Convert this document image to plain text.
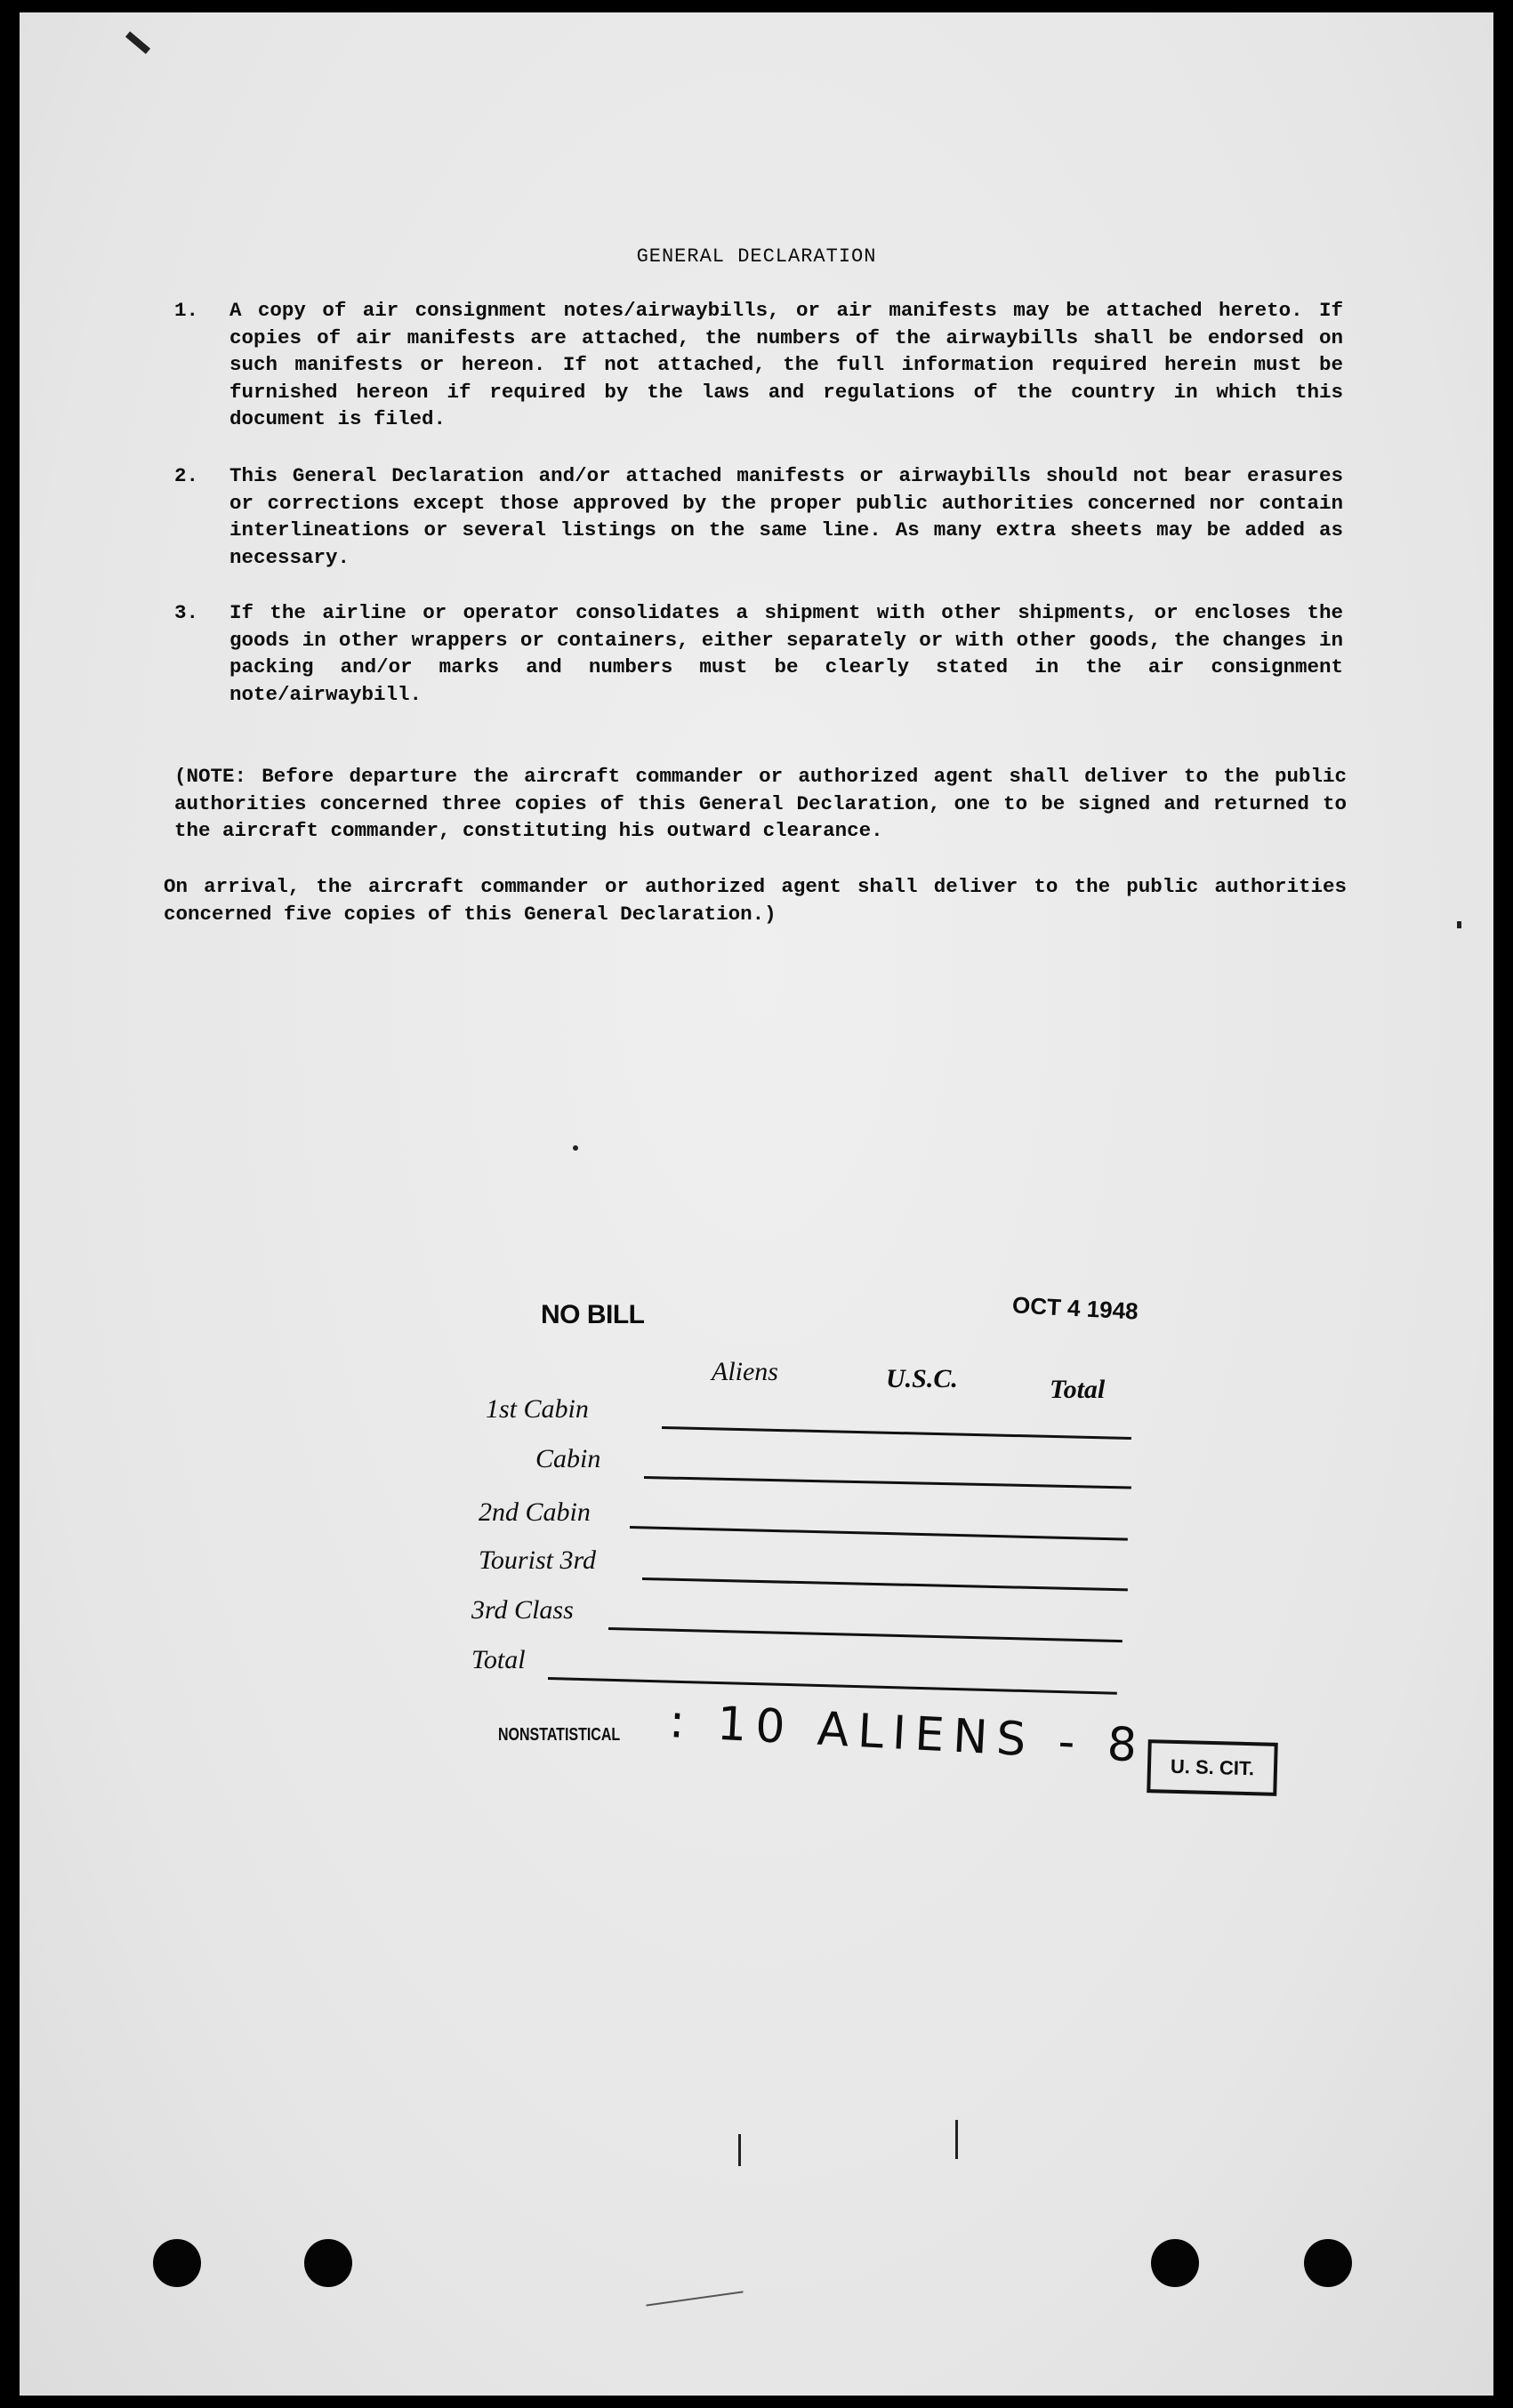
GENERAL DECLARATION
1. A copy of air consignment notes/airwaybills, or air manifests may be attached hereto. If copies of air manifests are attached, the numbers of the airwaybills shall be endorsed on such manifests or hereon. If not attached, the full information required herein must be furnished hereon if required by the laws and regulations of the country in which this document is filed.

2. This General Declaration and/or attached manifests or airwaybills should not bear erasures or corrections except those approved by the proper public authorities concerned nor contain interlineations or several listings on the same line. As many extra sheets may be added as necessary.

3. If the airline or operator consolidates a shipment with other shipments, or encloses the goods in other wrappers or containers, either separately or with other goods, the changes in packing and/or marks and numbers must be clearly stated in the air consignment note/airwaybill.

(NOTE: Before departure the aircraft commander or authorized agent shall deliver to the public authorities concerned three copies of this General Declaration, one to be signed and returned to the aircraft commander, constituting his outward clearance.

On arrival, the aircraft commander or authorized agent shall deliver to the public authorities concerned five copies of this General Declaration.)

NO BILL	OCT 4 1948
Aliens	U.S.C.	Total
1st Cabin
Cabin
2nd Cabin
Tourist 3rd
3rd Class
Total
NONSTATISTICAL : 10 ALIENS - 8 U. S. CIT.
